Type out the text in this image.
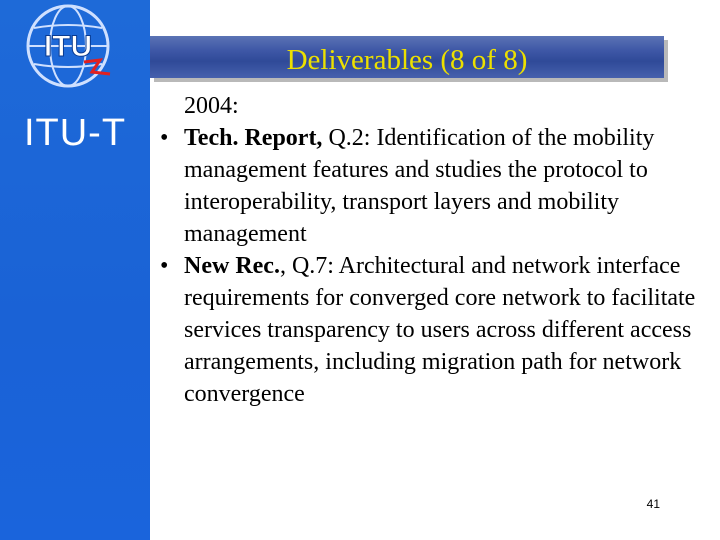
ITU
ITU-T
Deliverables (8 of 8)
2004:
• Tech. Report, Q.2: Identification of the mobility management features and studies the protocol to interoperability, transport layers and mobility management
• New Rec., Q.7: Architectural and network interface requirements for converged core network to facilitate services transparency to users across different access arrangements, including migration path for network convergence
41
